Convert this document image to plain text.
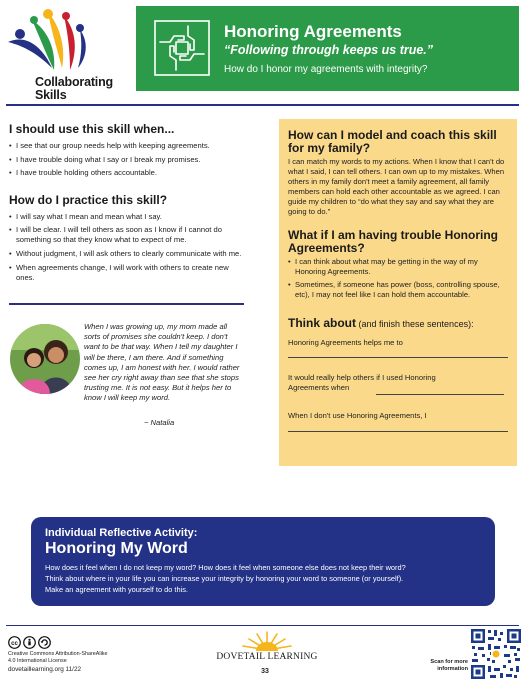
Collaborating
Skills
Honoring Agreements
“Following through keeps us true.”
How do I honor my agreements with integrity?
I should use this skill when...
• I see that our group needs help with keeping agreements.
• I have trouble doing what I say or I break my promises.
• I have trouble holding others accountable.
How do I practice this skill?
• I will say what I mean and mean what I say.
• I will be clear. I will tell others as soon as I know if I cannot do something so that they know what to expect of me.
• Without judgment, I will ask others to clearly communicate with me.
• When agreements change, I will work with others to create new ones.
When I was growing up, my mom made all sorts of promises she couldn't keep. I don't want to be that way. When I tell my daughter I will be there, I am there. And if something comes up, I am honest with her. I would rather see her cry right away than see that she stops trusting me. It is not easy. But it helps her to know I will keep my word.
~ Natalia
How can I model and coach this skill for my family?
I can match my words to my actions. When I know that I can't do what I said, I can tell others. I can own up to my mistakes. When others in my family don't meet a family agreement, all family members can hold each other accountable as we agreed. I can guide my children to “do what they say and say what they are going to do.”
What if I am having trouble Honoring Agreements?
• I can think about what may be getting in the way of my Honoring Agreements.
• Sometimes, if someone has power (boss, controlling spouse, etc), I may not feel like I can hold them accountable.
Think about (and finish these sentences):
Honoring Agreements helps me to
It would really help others if I used Honoring Agreements when
When I don't use Honoring Agreements, I
Individual Reflective Activity:
Honoring My Word
How does it feel when I do not keep my word? How does it feel when someone else does not keep their word?
Think about where in your life you can increase your integrity by honoring your word to someone (or yourself).
Make an agreement with yourself to do this.
cc
Creative Commons Attribution-ShareAlike
4.0 International License
dovetaillearning.org 11/22
DOVETAIL LEARNING
33
Scan for more information
